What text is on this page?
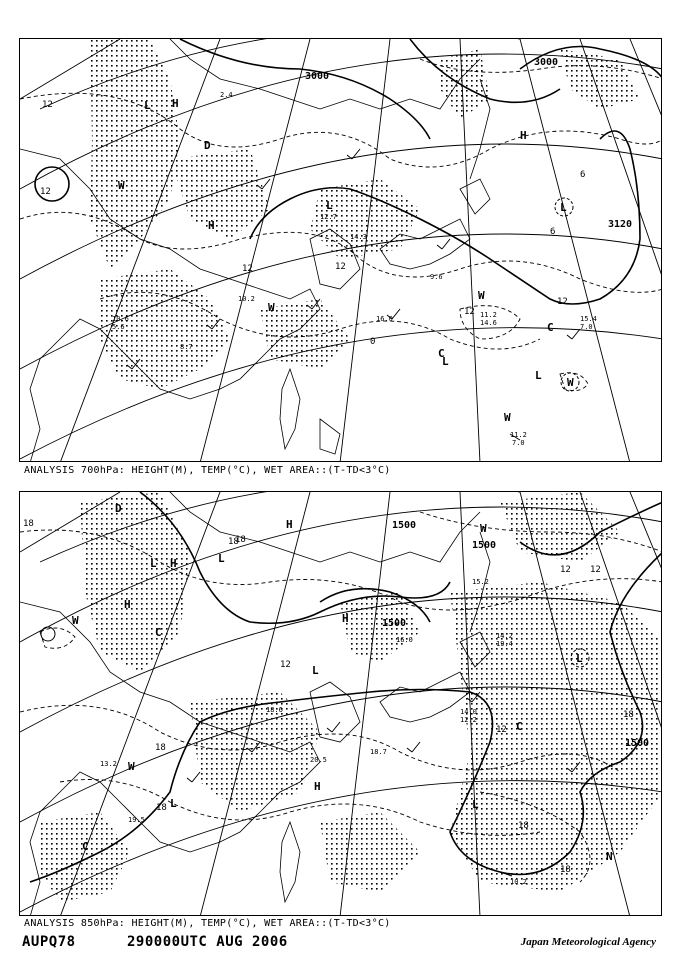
3000
3000
3120
12
12
6
12
0
12
12
6
12
L H
L
W
H
C
L
W
C
L
W
W
H
L
D
W
10.6
5.6
11.2
7.0
15.4
7.0
11.2
14.6
12.7
14.3
9.6
10.2
8.7
16.0
2.4
ANALYSIS 700hPa: HEIGHT(M), TEMP(°C), WET AREA::(T-TD<3°C)
1500
1500
1500
1500
18
18
18
12
18
12
18
12
18
18
18
12
D
L H	L
W
C
H
L
H
L
W
C
H
L
N
C
W
H
L
15.2
16.0	14.2
19.4
13.2	20.5
18.7
14.0
12.2
18.6
10.2
19.5
ANALYSIS 850hPa: HEIGHT(M), TEMP(°C), WET AREA::(T-TD<3°C)
AUPQ78	290000UTC AUG 2006	Japan Meteorological Agency
